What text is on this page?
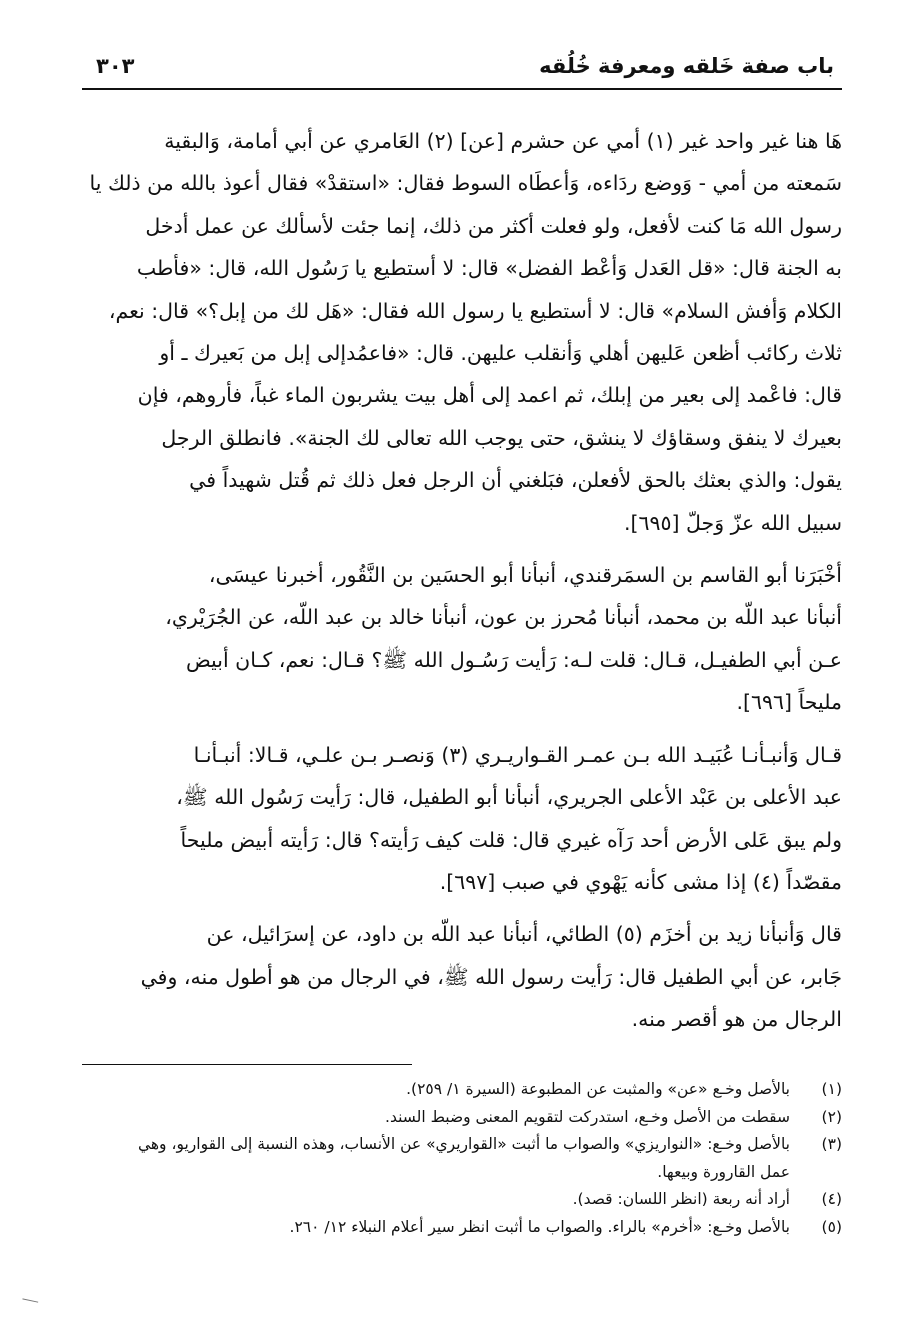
باب صفة خَلقه ومعرفة خُلُقه
٣٠٣

هَا هنا غير واحد غير (١) أمي عن حشرم [عن] (٢) العَامري عن أبي أمامة، وَالبقية
سَمعته من أمي - وَوضع ردَاءه، وَأعطَاه السوط فقال: «استقدْ» فقال أعوذ بالله من ذلك يا
رسول الله مَا كنت لأفعل، ولو فعلت أكثر من ذلك، إنما جئت لأسألك عن عمل أدخل
به الجنة قال: «قل العَدل وَأعْط الفضل» قال: لا أستطيع يا رَسُول الله، قال: «فأطب
الكلام وَأفش السلام» قال: لا أستطيع يا رسول الله فقال: «هَل لك من إبل؟» قال: نعم،
ثلاث ركائب أظعن عَليهن أهلي وَأنقلب عليهن. قال: «فاعمُدإلى إبل من بَعيرك ـ أو
قال: فاعْمد إلى بعير من إبلك، ثم اعمد إلى أهل بيت يشربون الماء غباً، فأروهم، فإن
بعيرك لا ينفق وسقاؤك لا ينشق، حتى يوجب الله تعالى لك الجنة». فانطلق الرجل
يقول: والذي بعثك بالحق لأفعلن، فبَلغني أن الرجل فعل ذلك ثم قُتل شهيداً في
سبيل الله عزّ وَجلّ [٦٩٥].

أخْبَرَنا أبو القاسم بن السمَرقندي، أنبأنا أبو الحسَين بن النَّقُور، أخبرنا عيسَى،
أنبأنا عبد اللّه بن محمد، أنبأنا مُحرز بن عون، أنبأنا خالد بن عبد اللّه، عن الجُرَيْري،
عـن أبي الطفيـل، قـال: قلت لـه: رَأيت رَسُـول الله ﷺ؟ قـال: نعم، كـان أبيض
مليحاً [٦٩٦].

قـال وَأنبـأنـا عُبَيـد الله بـن عمـر القـواريـري (٣) وَنصـر بـن علـي، قـالا: أنبـأنـا
عبد الأعلى بن عَبْد الأعلى الجريري، أنبأنا أبو الطفيل، قال: رَأيت رَسُول الله ﷺ،
ولم يبق عَلى الأرض أحد رَآه غيري قال: قلت كيف رَأيته؟ قال: رَأيته أبيض مليحاً
مقصّداً (٤) إذا مشى كأنه يَهْوي في صبب [٦٩٧].

قال وَأنبأنا زيد بن أخزَم (٥) الطائي، أنبأنا عبد اللّه بن داود، عن إسرَائيل، عن
جَابر، عن أبي الطفيل قال: رَأيت رسول الله ﷺ، في الرجال من هو أطول منه، وفي
الرجال من هو أقصر منه.

(١)
بالأصل وخـع «عن» والمثبت عن المطبوعة (السيرة ١/ ٢٥٩).
(٢)
سقطت من الأصل وخـع، استدركت لتقويم المعنى وضبط السند.
(٣)
بالأصل وخـع: «النواريزي» والصواب ما أثبت «القواريري» عن الأنساب، وهذه النسبة إلى القواريو، وهي
عمل القارورة وبيعها.
(٤)
أراد أنه ربعة (انظر اللسان: قصد).
(٥)
بالأصل وخـع: «أخرم» بالراء. والصواب ما أثبت انظر سير أعلام النبلاء ١٢/ ٢٦٠.
